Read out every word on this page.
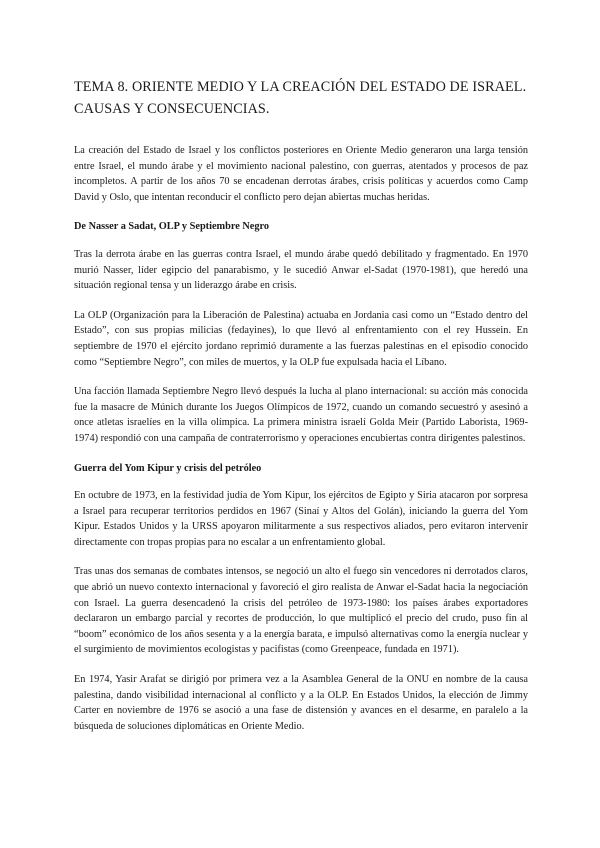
TEMA 8. ORIENTE MEDIO Y LA CREACIÓN DEL ESTADO DE ISRAEL.
CAUSAS Y CONSECUENCIAS.

La creación del Estado de Israel y los conflictos posteriores en Oriente Medio generaron una larga tensión entre Israel, el mundo árabe y el movimiento nacional palestino, con guerras, atentados y procesos de paz incompletos. A partir de los años 70 se encadenan derrotas árabes, crisis políticas y acuerdos como Camp David y Oslo, que intentan reconducir el conflicto pero dejan abiertas muchas heridas.

De Nasser a Sadat, OLP y Septiembre Negro

Tras la derrota árabe en las guerras contra Israel, el mundo árabe quedó debilitado y fragmentado. En 1970 murió Nasser, líder egipcio del panarabismo, y le sucedió Anwar el-Sadat (1970-1981), que heredó una situación regional tensa y un liderazgo árabe en crisis.

La OLP (Organización para la Liberación de Palestina) actuaba en Jordania casi como un “Estado dentro del Estado”, con sus propias milicias (fedayines), lo que llevó al enfrentamiento con el rey Hussein. En septiembre de 1970 el ejército jordano reprimió duramente a las fuerzas palestinas en el episodio conocido como “Septiembre Negro”, con miles de muertos, y la OLP fue expulsada hacia el Líbano.

Una facción llamada Septiembre Negro llevó después la lucha al plano internacional: su acción más conocida fue la masacre de Múnich durante los Juegos Olímpicos de 1972, cuando un comando secuestró y asesinó a once atletas israelíes en la villa olímpica. La primera ministra israelí Golda Meir (Partido Laborista, 1969-1974) respondió con una campaña de contraterrorismo y operaciones encubiertas contra dirigentes palestinos.

Guerra del Yom Kipur y crisis del petróleo

En octubre de 1973, en la festividad judía de Yom Kipur, los ejércitos de Egipto y Siria atacaron por sorpresa a Israel para recuperar territorios perdidos en 1967 (Sinaí y Altos del Golán), iniciando la guerra del Yom Kipur. Estados Unidos y la URSS apoyaron militarmente a sus respectivos aliados, pero evitaron intervenir directamente con tropas propias para no escalar a un enfrentamiento global.

Tras unas dos semanas de combates intensos, se negoció un alto el fuego sin vencedores ni derrotados claros, que abrió un nuevo contexto internacional y favoreció el giro realista de Anwar el-Sadat hacia la negociación con Israel. La guerra desencadenó la crisis del petróleo de 1973-1980: los países árabes exportadores declararon un embargo parcial y recortes de producción, lo que multiplicó el precio del crudo, puso fin al “boom” económico de los años sesenta y a la energía barata, e impulsó alternativas como la energía nuclear y el surgimiento de movimientos ecologistas y pacifistas (como Greenpeace, fundada en 1971).

En 1974, Yasir Arafat se dirigió por primera vez a la Asamblea General de la ONU en nombre de la causa palestina, dando visibilidad internacional al conflicto y a la OLP. En Estados Unidos, la elección de Jimmy Carter en noviembre de 1976 se asoció a una fase de distensión y avances en el desarme, en paralelo a la búsqueda de soluciones diplomáticas en Oriente Medio.
